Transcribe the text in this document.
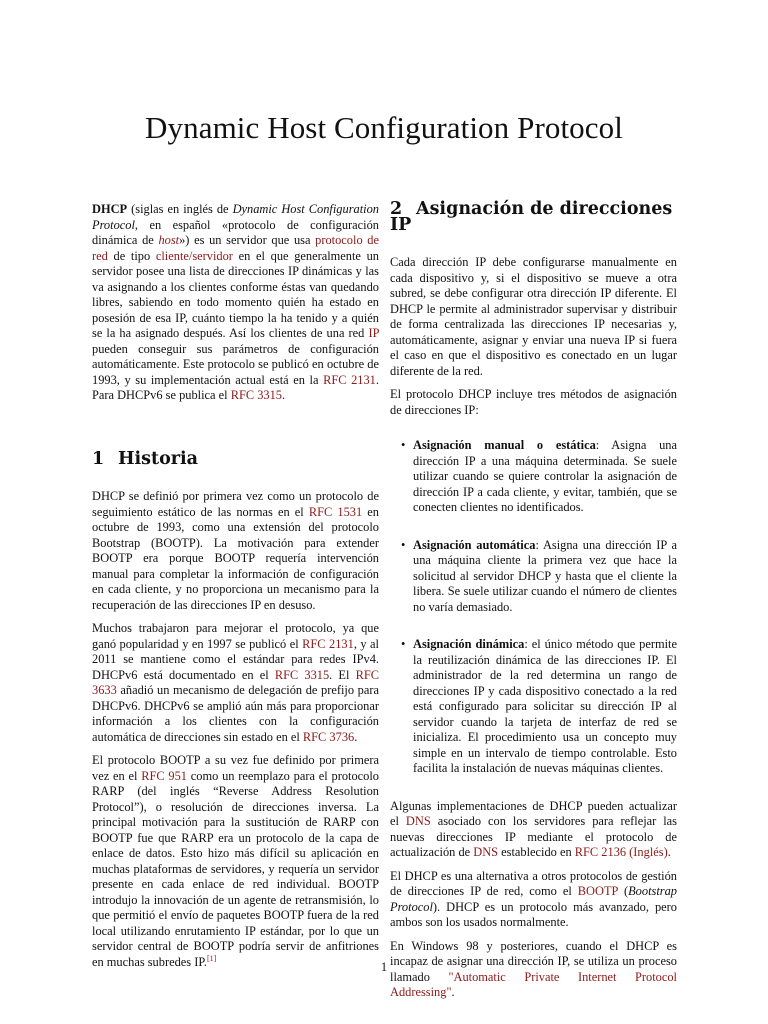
Dynamic Host Configuration Protocol

DHCP (siglas en inglés de Dynamic Host Configuration Protocol, en español «protocolo de configuración dinámica de host») es un servidor que usa protocolo de red de tipo cliente/servidor en el que generalmente un servidor posee una lista de direcciones IP dinámicas y las va asignando a los clientes conforme éstas van quedando libres, sabiendo en todo momento quién ha estado en posesión de esa IP, cuánto tiempo la ha tenido y a quién se la ha asignado después. Así los clientes de una red IP pueden conseguir sus parámetros de configuración automáticamente. Este protocolo se publicó en octubre de 1993, y su implementación actual está en la RFC 2131. Para DHCPv6 se publica el RFC 3315.

1 Historia

DHCP se definió por primera vez como un protocolo de seguimiento estático de las normas en el RFC 1531 en octubre de 1993, como una extensión del protocolo Bootstrap (BOOTP). La motivación para extender BOOTP era porque BOOTP requería intervención manual para completar la información de configuración en cada cliente, y no proporciona un mecanismo para la recuperación de las direcciones IP en desuso.

Muchos trabajaron para mejorar el protocolo, ya que ganó popularidad y en 1997 se publicó el RFC 2131, y al 2011 se mantiene como el estándar para redes IPv4. DHCPv6 está documentado en el RFC 3315. El RFC 3633 añadió un mecanismo de delegación de prefijo para DHCPv6. DHCPv6 se amplió aún más para proporcionar información a los clientes con la configuración automática de direcciones sin estado en el RFC 3736.

El protocolo BOOTP a su vez fue definido por primera vez en el RFC 951 como un reemplazo para el protocolo RARP (del inglés “Reverse Address Resolution Protocol”), o resolución de direcciones inversa. La principal motivación para la sustitución de RARP con BOOTP fue que RARP era un protocolo de la capa de enlace de datos. Esto hizo más difícil su aplicación en muchas plataformas de servidores, y requería un servidor presente en cada enlace de red individual. BOOTP introdujo la innovación de un agente de retransmisión, lo que permitió el envío de paquetes BOOTP fuera de la red local utilizando enrutamiento IP estándar, por lo que un servidor central de BOOTP podría servir de anfitriones en muchas subredes IP.[1]

2 Asignación de direcciones IP

Cada dirección IP debe configurarse manualmente en cada dispositivo y, si el dispositivo se mueve a otra subred, se debe configurar otra dirección IP diferente. El DHCP le permite al administrador supervisar y distribuir de forma centralizada las direcciones IP necesarias y, automáticamente, asignar y enviar una nueva IP si fuera el caso en que el dispositivo es conectado en un lugar diferente de la red.

El protocolo DHCP incluye tres métodos de asignación de direcciones IP:

• Asignación manual o estática: Asigna una dirección IP a una máquina determinada. Se suele utilizar cuando se quiere controlar la asignación de dirección IP a cada cliente, y evitar, también, que se conecten clientes no identificados.
• Asignación automática: Asigna una dirección IP a una máquina cliente la primera vez que hace la solicitud al servidor DHCP y hasta que el cliente la libera. Se suele utilizar cuando el número de clientes no varía demasiado.
• Asignación dinámica: el único método que permite la reutilización dinámica de las direcciones IP. El administrador de la red determina un rango de direcciones IP y cada dispositivo conectado a la red está configurado para solicitar su dirección IP al servidor cuando la tarjeta de interfaz de red se inicializa. El procedimiento usa un concepto muy simple en un intervalo de tiempo controlable. Esto facilita la instalación de nuevas máquinas clientes.

Algunas implementaciones de DHCP pueden actualizar el DNS asociado con los servidores para reflejar las nuevas direcciones IP mediante el protocolo de actualización de DNS establecido en RFC 2136 (Inglés).

El DHCP es una alternativa a otros protocolos de gestión de direcciones IP de red, como el BOOTP (Bootstrap Protocol). DHCP es un protocolo más avanzado, pero ambos son los usados normalmente.

En Windows 98 y posteriores, cuando el DHCP es incapaz de asignar una dirección IP, se utiliza un proceso llamado "Automatic Private Internet Protocol Addressing".

1
